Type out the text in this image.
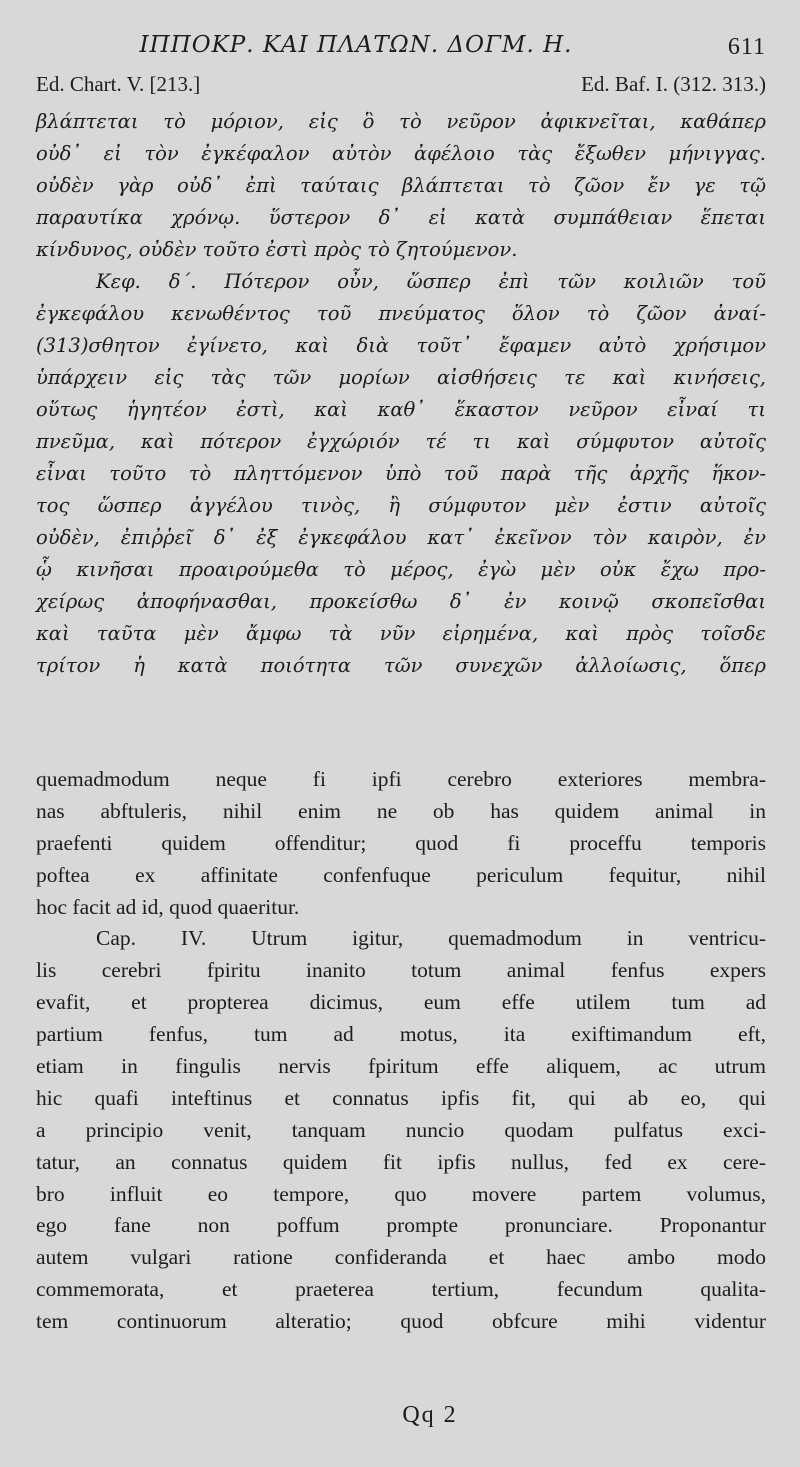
ΙΠΠΟΚΡ. ΚΑΙ ΠΛΑΤΩΝ. ΔΟΓΜ. Η.	611
Ed. Chart. V. [213.]	Ed. Baf. I. (312. 313.)
βλάπτεται τὸ μόριον, εἰς ὃ τὸ νεῦρον ἀφικνεῖται, καθάπερ
οὐδ᾽ εἰ τὸν ἐγκέφαλον αὐτὸν ἀφέλοιο τὰς ἔξωθεν μήνιγγας.
οὐδὲν γὰρ οὐδ᾽ ἐπὶ ταύταις βλάπτεται τὸ ζῶον ἔν γε τῷ
παραυτίκα χρόνῳ. ὕστερον δ᾽ εἰ κατὰ συμπάθειαν ἕπεται
κίνδυνος, οὐδὲν τοῦτο ἐστὶ πρὸς τὸ ζητούμενον.
Κεφ. δ΄. Πότερον οὖν, ὥσπερ ἐπὶ τῶν κοιλιῶν τοῦ
ἐγκεφάλου κενωθέντος τοῦ πνεύματος ὅλον τὸ ζῶον ἀναί-
(313)σθητον ἐγίνετο, καὶ διὰ τοῦτ᾽ ἔφαμεν αὐτὸ χρήσιμον
ὑπάρχειν εἰς τὰς τῶν μορίων αἰσθήσεις τε καὶ κινήσεις,
οὕτως ἡγητέον ἐστὶ, καὶ καθ᾽ ἕκαστον νεῦρον εἶναί τι
πνεῦμα, καὶ πότερον ἐγχώριόν τέ τι καὶ σύμφυτον αὐτοῖς
εἶναι τοῦτο τὸ πληττόμενον ὑπὸ τοῦ παρὰ τῆς ἀρχῆς ἥκον-
τος ὥσπερ ἀγγέλου τινὸς, ἢ σύμφυτον μὲν ἐστιν αὐτοῖς
οὐδὲν, ἐπιῤῥεῖ δ᾽ ἐξ ἐγκεφάλου κατ᾽ ἐκεῖνον τὸν καιρὸν, ἐν
ᾧ κινῆσαι προαιρούμεθα τὸ μέρος, ἐγὼ μὲν οὐκ ἔχω προ-
χείρως ἀποφήνασθαι, προκείσθω δ᾽ ἐν κοινῷ σκοπεῖσθαι
καὶ ταῦτα μὲν ἄμφω τὰ νῦν εἰρημένα, καὶ πρὸς τοῖσδε
τρίτον ἡ κατὰ ποιότητα τῶν συνεχῶν ἀλλοίωσις, ὅπερ
quemadmodum neque fi ipfi cerebro exteriores membra-
nas abftuleris, nihil enim ne ob has quidem animal in
praefenti quidem offenditur; quod fi proceffu temporis
poftea ex affinitate confenfuque periculum fequitur, nihil
hoc facit ad id, quod quaeritur.
Cap. IV. Utrum igitur, quemadmodum in ventricu-
lis cerebri fpiritu inanito totum animal fenfus expers
evafit, et propterea dicimus, eum effe utilem tum ad
partium fenfus, tum ad motus, ita exiftimandum eft,
etiam in fingulis nervis fpiritum effe aliquem, ac utrum
hic quafi inteftinus et connatus ipfis fit, qui ab eo, qui
a principio venit, tanquam nuncio quodam pulfatus exci-
tatur, an connatus quidem fit ipfis nullus, fed ex cere-
bro influit eo tempore, quo movere partem volumus,
ego fane non poffum prompte pronunciare. Proponantur
autem vulgari ratione confideranda et haec ambo modo
commemorata, et praeterea tertium, fecundum qualita-
tem continuorum alteratio; quod obfcure mihi videntur
Qq 2
